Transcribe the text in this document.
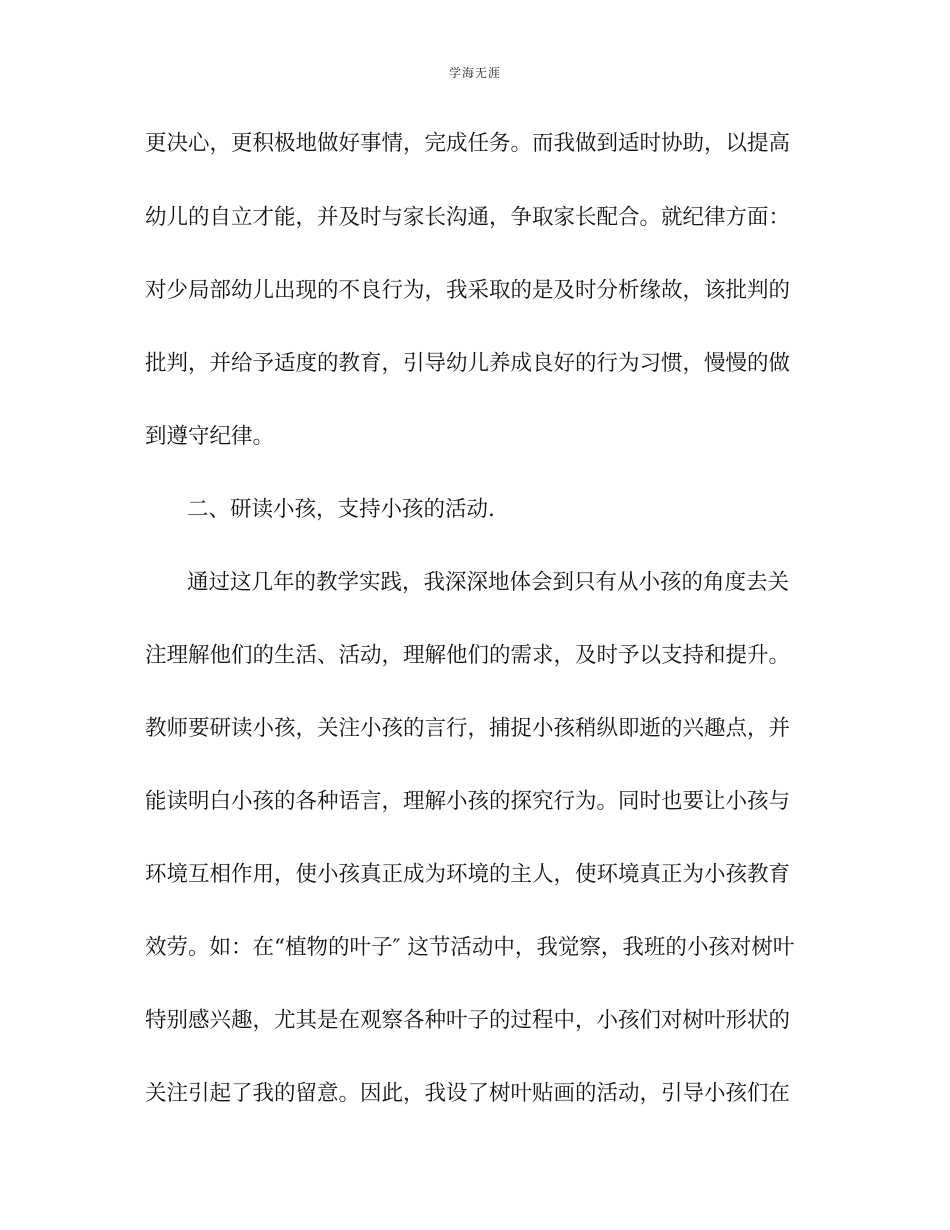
学海无涯
更决心，更积极地做好事情，完成任务。而我做到适时协助，以提高
幼儿的自立才能，并及时与家长沟通，争取家长配合。就纪律方面：
对少局部幼儿出现的不良行为，我采取的是及时分析缘故，该批判的
批判，并给予适度的教育，引导幼儿养成良好的行为习惯，慢慢的做
到遵守纪律。
二、研读小孩，支持小孩的活动.
通过这几年的教学实践，我深深地体会到只有从小孩的角度去关
注理解他们的生活、活动，理解他们的需求，及时予以支持和提升。
教师要研读小孩，关注小孩的言行，捕捉小孩稍纵即逝的兴趣点，并
能读明白小孩的各种语言，理解小孩的探究行为。同时也要让小孩与
环境互相作用，使小孩真正成为环境的主人，使环境真正为小孩教育
效劳。如：在“植物的叶子″ 这节活动中，我觉察，我班的小孩对树叶
特别感兴趣，尤其是在观察各种叶子的过程中，小孩们对树叶形状的
关注引起了我的留意。因此，我设了树叶贴画的活动，引导小孩们在
